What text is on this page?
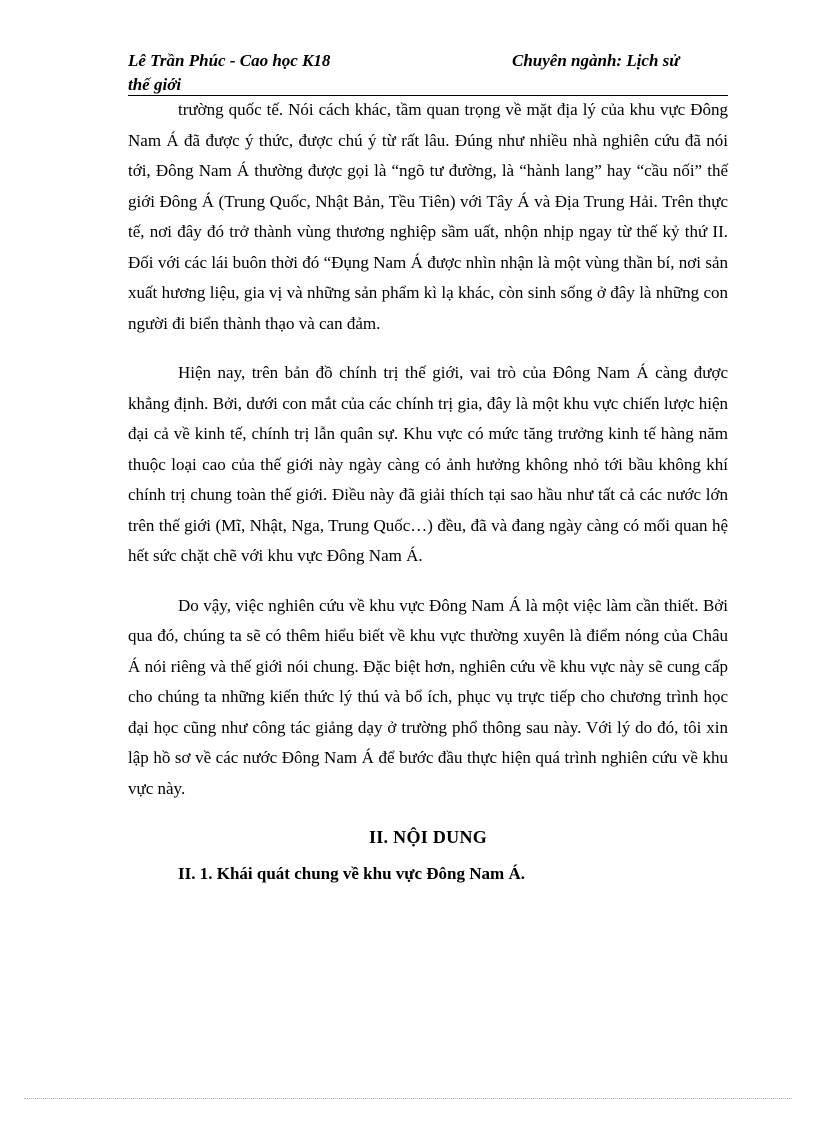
Lê Trần Phúc - Cao học K18	Chuyên ngành: Lịch sử
thế giới

trường quốc tế. Nói cách khác, tầm quan trọng về mặt địa lý của khu vực Đông Nam Á đã được ý thức, được chú ý từ rất lâu. Đúng như nhiều nhà nghiên cứu đã nói tới, Đông Nam Á thường được gọi là “ngõ tư đường, là “hành lang” hay “cầu nối” thế giới Đông Á (Trung Quốc, Nhật Bản, Tều Tiên) với Tây Á và Địa Trung Hải. Trên thực tế, nơi đây đó trở thành vùng thương nghiệp sầm uất, nhộn nhịp ngay từ thế kỷ thứ II. Đối với các lái buôn thời đó “Đụng Nam Á được nhìn nhận là một vùng thần bí, nơi sản xuất hương liệu, gia vị và những sản phẩm kì lạ khác, còn sinh sống ở đây là những con người đi biển thành thạo và can đảm.

Hiện nay, trên bản đồ chính trị thế giới, vai trò của Đông Nam Á càng được khẳng định. Bởi, dưới con mắt của các chính trị gia, đây là một khu vực chiến lược hiện đại cả về kinh tế, chính trị lẫn quân sự. Khu vực có mức tăng trưởng kinh tế hàng năm thuộc loại cao của thế giới này ngày càng có ảnh hưởng không nhỏ tới bầu không khí chính trị chung toàn thế giới. Điều này đã giải thích tại sao hầu như tất cả các nước lớn trên thế giới (Mĩ, Nhật, Nga, Trung Quốc…) đều, đã và đang ngày càng có mối quan hệ hết sức chặt chẽ với khu vực Đông Nam Á.

Do vậy, việc nghiên cứu về khu vực Đông Nam Á là một việc làm cần thiết. Bởi qua đó, chúng ta sẽ có thêm hiểu biết về khu vực thường xuyên là điểm nóng của Châu Á nói riêng và thế giới nói chung. Đặc biệt hơn, nghiên cứu về khu vực này sẽ cung cấp cho chúng ta những kiến thức lý thú và bổ ích, phục vụ trực tiếp cho chương trình học đại học cũng như công tác giảng dạy ở trường phổ thông sau này. Với lý do đó, tôi xin lập hồ sơ về các nước Đông Nam Á để bước đầu thực hiện quá trình nghiên cứu về khu vực này.

II. NỘI DUNG
II. 1. Khái quát chung về khu vực Đông Nam Á.
